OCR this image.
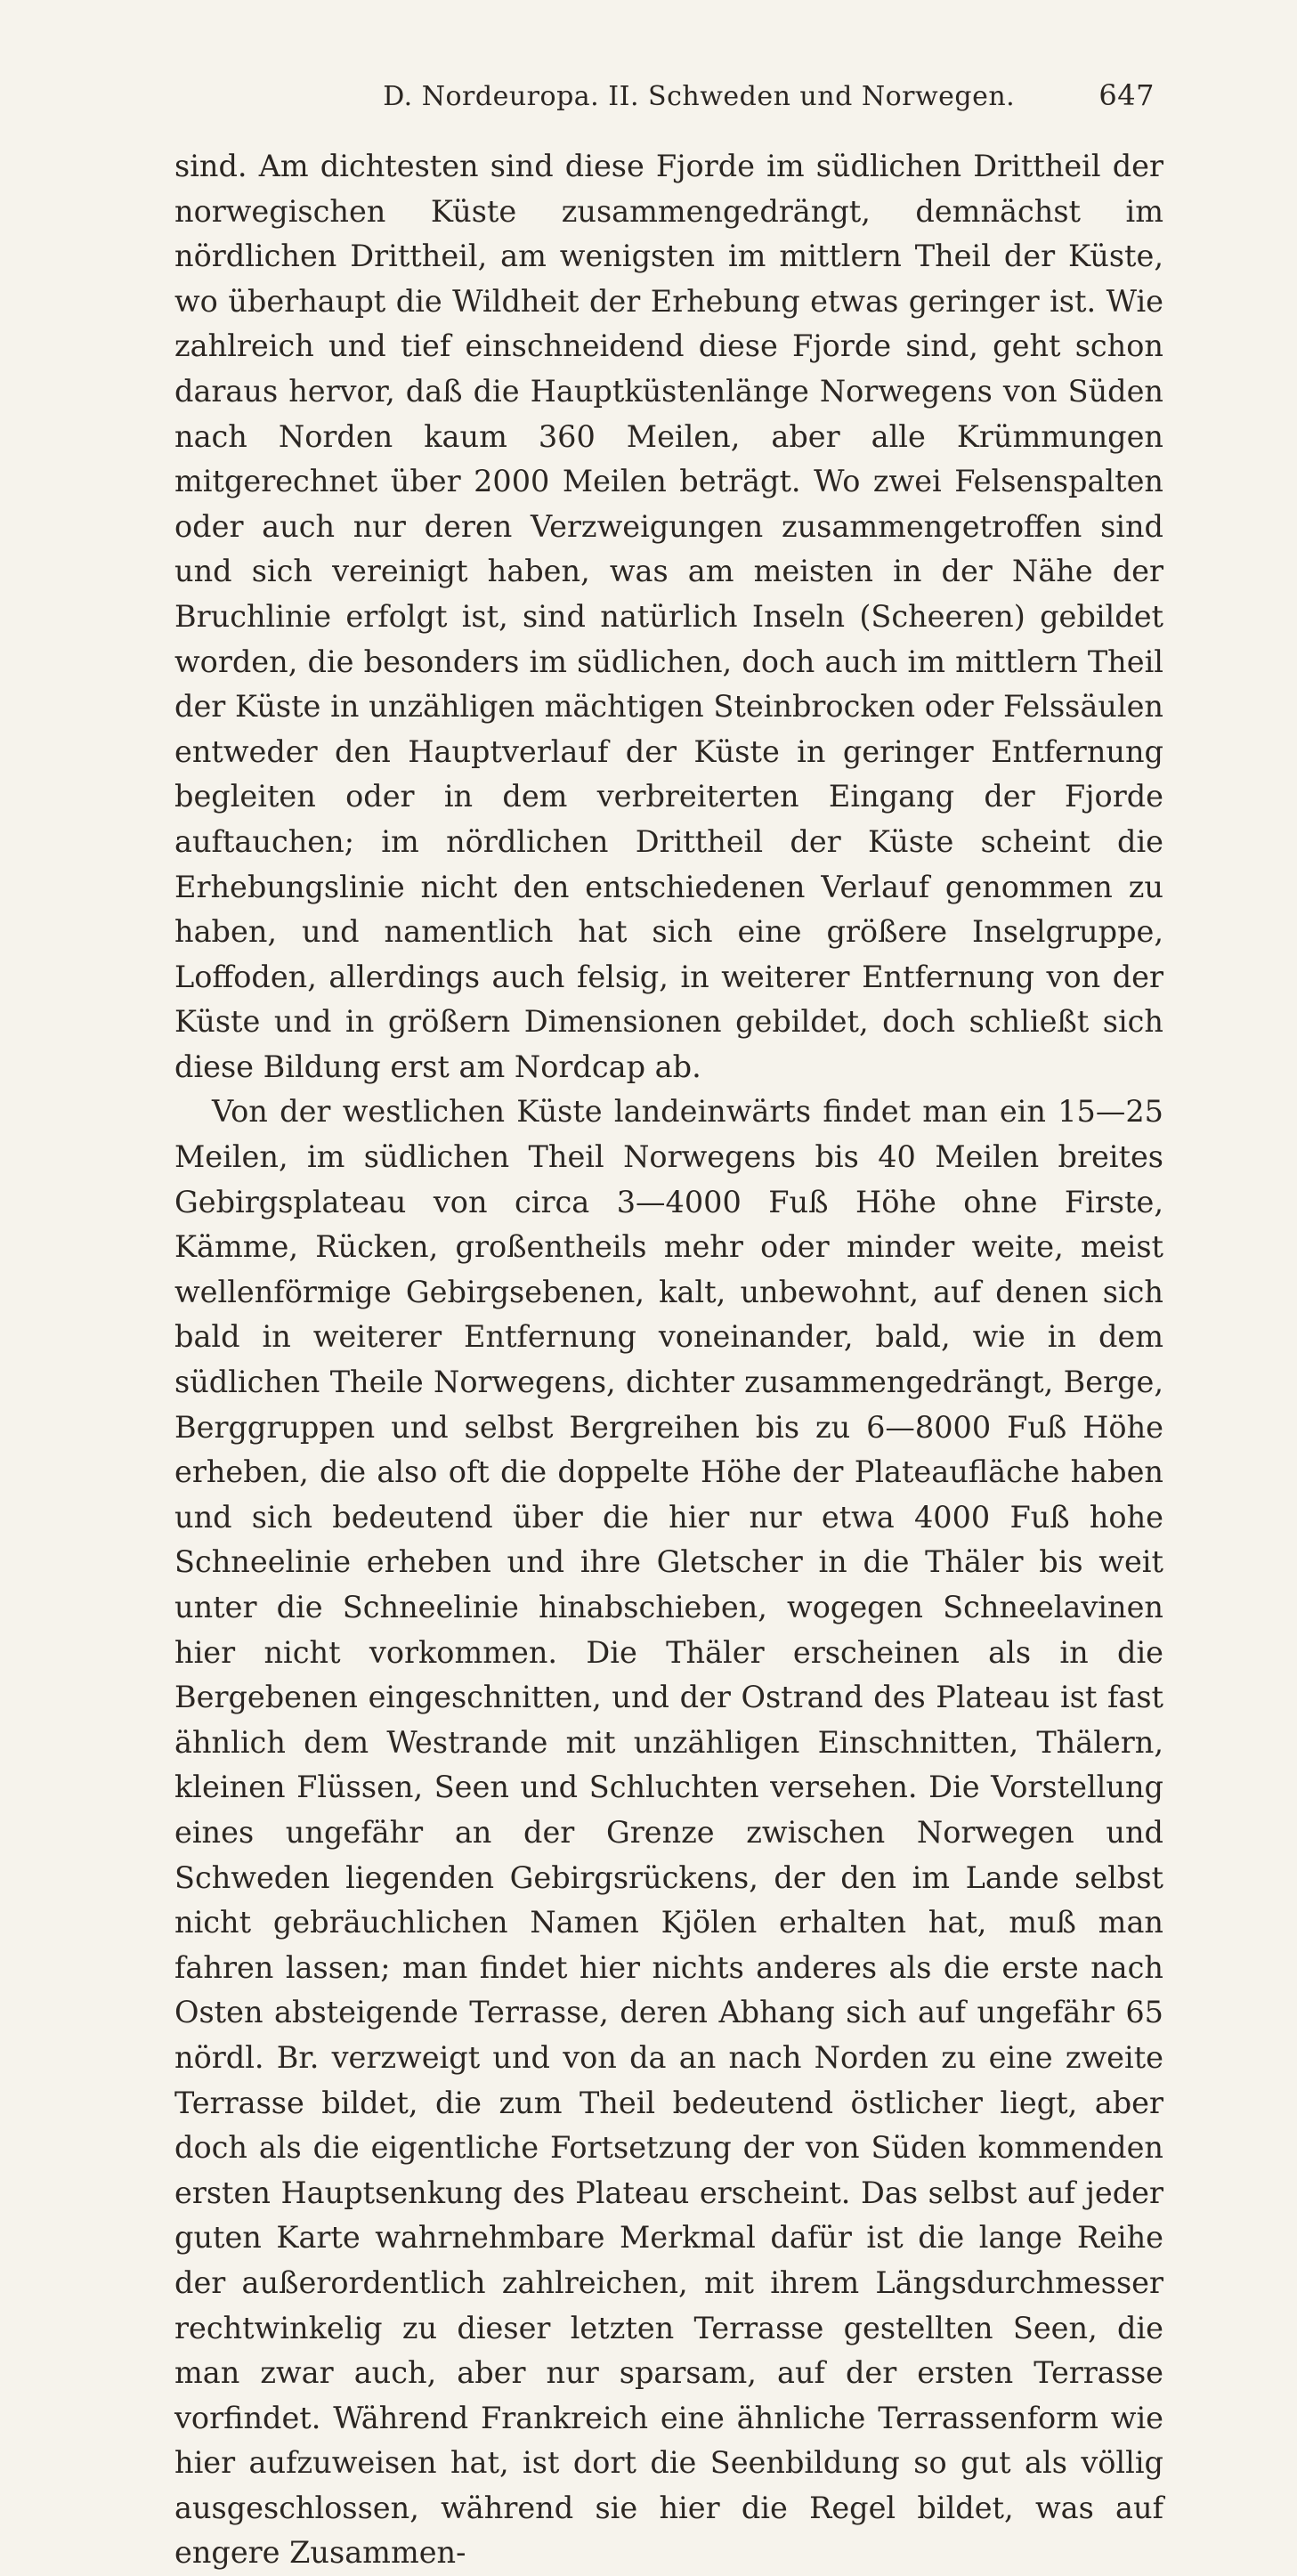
D. Nordeuropa. II. Schweden und Norwegen.	647

sind. Am dichtesten sind diese Fjorde im südlichen Drittheil der norwegischen Küste zusammengedrängt, demnächst im nördlichen Drittheil, am wenigsten im mittlern Theil der Küste, wo überhaupt die Wildheit der Erhebung etwas geringer ist. Wie zahlreich und tief einschneidend diese Fjorde sind, geht schon daraus hervor, daß die Hauptküstenlänge Norwegens von Süden nach Norden kaum 360 Meilen, aber alle Krümmungen mitgerechnet über 2000 Meilen beträgt. Wo zwei Felsenspalten oder auch nur deren Verzweigungen zusammengetroffen sind und sich vereinigt haben, was am meisten in der Nähe der Bruchlinie erfolgt ist, sind natürlich Inseln (Scheeren) gebildet worden, die besonders im südlichen, doch auch im mittlern Theil der Küste in unzähligen mächtigen Steinbrocken oder Felssäulen entweder den Hauptverlauf der Küste in geringer Entfernung begleiten oder in dem verbreiterten Eingang der Fjorde auftauchen; im nördlichen Drittheil der Küste scheint die Erhebungslinie nicht den entschiedenen Verlauf genommen zu haben, und namentlich hat sich eine größere Inselgruppe, Loffoden, allerdings auch felsig, in weiterer Entfernung von der Küste und in größern Dimensionen gebildet, doch schließt sich diese Bildung erst am Nordcap ab.

Von der westlichen Küste landeinwärts findet man ein 15—25 Meilen, im südlichen Theil Norwegens bis 40 Meilen breites Gebirgsplateau von circa 3—4000 Fuß Höhe ohne Firste, Kämme, Rücken, großentheils mehr oder minder weite, meist wellenförmige Gebirgsebenen, kalt, unbewohnt, auf denen sich bald in weiterer Entfernung voneinander, bald, wie in dem südlichen Theile Norwegens, dichter zusammengedrängt, Berge, Berggruppen und selbst Bergreihen bis zu 6—8000 Fuß Höhe erheben, die also oft die doppelte Höhe der Plateaufläche haben und sich bedeutend über die hier nur etwa 4000 Fuß hohe Schneelinie erheben und ihre Gletscher in die Thäler bis weit unter die Schneelinie hinabschieben, wogegen Schneelavinen hier nicht vorkommen. Die Thäler erscheinen als in die Bergebenen eingeschnitten, und der Ostrand des Plateau ist fast ähnlich dem Westrande mit unzähligen Einschnitten, Thälern, kleinen Flüssen, Seen und Schluchten versehen. Die Vorstellung eines ungefähr an der Grenze zwischen Norwegen und Schweden liegenden Gebirgsrückens, der den im Lande selbst nicht gebräuchlichen Namen Kjölen erhalten hat, muß man fahren lassen; man findet hier nichts anderes als die erste nach Osten absteigende Terrasse, deren Abhang sich auf ungefähr 65 nördl. Br. verzweigt und von da an nach Norden zu eine zweite Terrasse bildet, die zum Theil bedeutend östlicher liegt, aber doch als die eigentliche Fortsetzung der von Süden kommenden ersten Hauptsenkung des Plateau erscheint. Das selbst auf jeder guten Karte wahrnehmbare Merkmal dafür ist die lange Reihe der außerordentlich zahlreichen, mit ihrem Längsdurchmesser rechtwinkelig zu dieser letzten Terrasse gestellten Seen, die man zwar auch, aber nur sparsam, auf der ersten Terrasse vorfindet. Während Frankreich eine ähnliche Terrassenform wie hier aufzuweisen hat, ist dort die Seenbildung so gut als völlig ausgeschlossen, während sie hier die Regel bildet, was auf engere Zusammen-
